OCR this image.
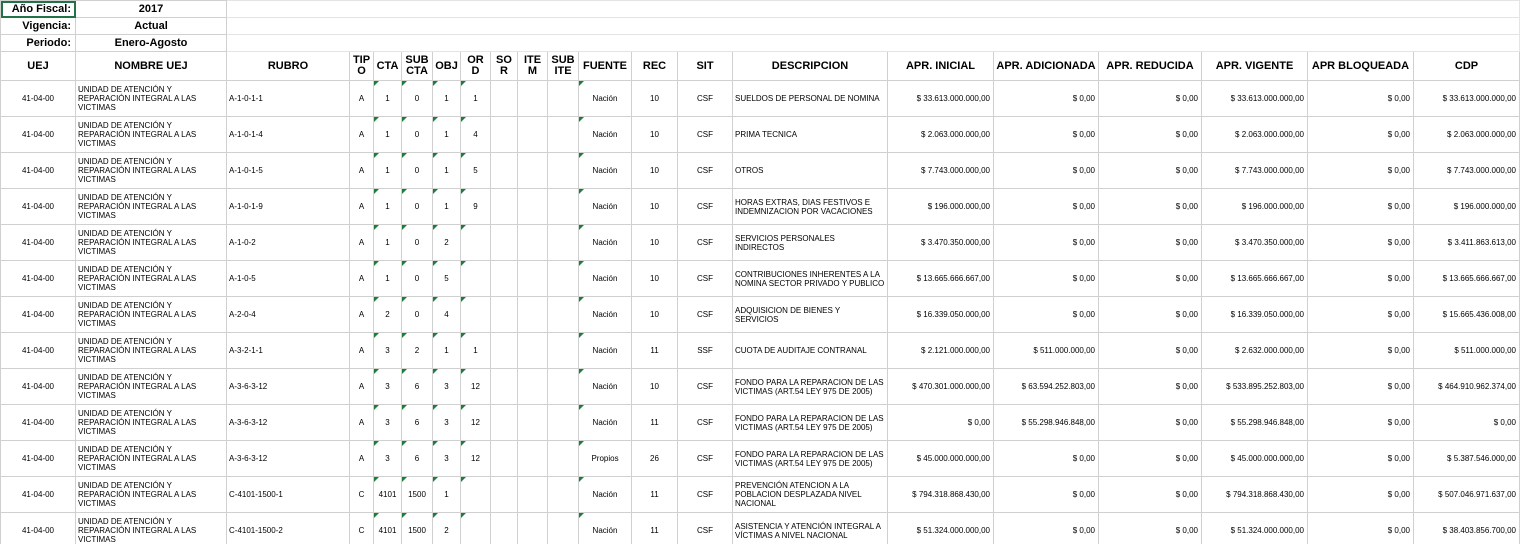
Año Fiscal:	2017																			
Vigencia:	Actual																			
Periodo:	Enero-Agosto																			
UEJ	NOMBRE UEJ	RUBRO	TIP O	CTA	SUB CTA	OBJ	OR D	SO R	ITE M	SUB ITE	FUENTE	REC	SIT	DESCRIPCION	APR. INICIAL	APR. ADICIONADA	APR. REDUCIDA	APR. VIGENTE	APR BLOQUEADA	CDP
41-04-00	UNIDAD DE ATENCIÓN Y REPARACIÓN INTEGRAL A LAS VICTIMAS	A-1-0-1-1	A	1	0	1	1				Nación	10	CSF	SUELDOS DE PERSONAL DE NOMINA	$ 33.613.000.000,00	$ 0,00	$ 0,00	$ 33.613.000.000,00	$ 0,00	$ 33.613.000.000,00
41-04-00	UNIDAD DE ATENCIÓN Y REPARACIÓN INTEGRAL A LAS VICTIMAS	A-1-0-1-4	A	1	0	1	4				Nación	10	CSF	PRIMA TECNICA	$ 2.063.000.000,00	$ 0,00	$ 0,00	$ 2.063.000.000,00	$ 0,00	$ 2.063.000.000,00
41-04-00	UNIDAD DE ATENCIÓN Y REPARACIÓN INTEGRAL A LAS VICTIMAS	A-1-0-1-5	A	1	0	1	5				Nación	10	CSF	OTROS	$ 7.743.000.000,00	$ 0,00	$ 0,00	$ 7.743.000.000,00	$ 0,00	$ 7.743.000.000,00
41-04-00	UNIDAD DE ATENCIÓN Y REPARACIÓN INTEGRAL A LAS VICTIMAS	A-1-0-1-9	A	1	0	1	9				Nación	10	CSF	HORAS EXTRAS, DIAS FESTIVOS E INDEMNIZACION POR VACACIONES	$ 196.000.000,00	$ 0,00	$ 0,00	$ 196.000.000,00	$ 0,00	$ 196.000.000,00
41-04-00	UNIDAD DE ATENCIÓN Y REPARACIÓN INTEGRAL A LAS VICTIMAS	A-1-0-2	A	1	0	2					Nación	10	CSF	SERVICIOS PERSONALES INDIRECTOS	$ 3.470.350.000,00	$ 0,00	$ 0,00	$ 3.470.350.000,00	$ 0,00	$ 3.411.863.613,00
41-04-00	UNIDAD DE ATENCIÓN Y REPARACIÓN INTEGRAL A LAS VICTIMAS	A-1-0-5	A	1	0	5					Nación	10	CSF	CONTRIBUCIONES INHERENTES A LA NOMINA SECTOR PRIVADO Y PUBLICO	$ 13.665.666.667,00	$ 0,00	$ 0,00	$ 13.665.666.667,00	$ 0,00	$ 13.665.666.667,00
41-04-00	UNIDAD DE ATENCIÓN Y REPARACIÓN INTEGRAL A LAS VICTIMAS	A-2-0-4	A	2	0	4					Nación	10	CSF	ADQUISICION DE BIENES Y SERVICIOS	$ 16.339.050.000,00	$ 0,00	$ 0,00	$ 16.339.050.000,00	$ 0,00	$ 15.665.436.008,00
41-04-00	UNIDAD DE ATENCIÓN Y REPARACIÓN INTEGRAL A LAS VICTIMAS	A-3-2-1-1	A	3	2	1	1				Nación	11	SSF	CUOTA DE AUDITAJE CONTRANAL	$ 2.121.000.000,00	$ 511.000.000,00	$ 0,00	$ 2.632.000.000,00	$ 0,00	$ 511.000.000,00
41-04-00	UNIDAD DE ATENCIÓN Y REPARACIÓN INTEGRAL A LAS VICTIMAS	A-3-6-3-12	A	3	6	3	12				Nación	10	CSF	FONDO PARA LA REPARACION DE LAS VICTIMAS (ART.54 LEY 975 DE 2005)	$ 470.301.000.000,00	$ 63.594.252.803,00	$ 0,00	$ 533.895.252.803,00	$ 0,00	$ 464.910.962.374,00
41-04-00	UNIDAD DE ATENCIÓN Y REPARACIÓN INTEGRAL A LAS VICTIMAS	A-3-6-3-12	A	3	6	3	12				Nación	11	CSF	FONDO PARA LA REPARACION DE LAS VICTIMAS (ART.54 LEY 975 DE 2005)	$ 0,00	$ 55.298.946.848,00	$ 0,00	$ 55.298.946.848,00	$ 0,00	$ 0,00
41-04-00	UNIDAD DE ATENCIÓN Y REPARACIÓN INTEGRAL A LAS VICTIMAS	A-3-6-3-12	A	3	6	3	12				Propios	26	CSF	FONDO PARA LA REPARACION DE LAS VICTIMAS (ART.54 LEY 975 DE 2005)	$ 45.000.000.000,00	$ 0,00	$ 0,00	$ 45.000.000.000,00	$ 0,00	$ 5.387.546.000,00
41-04-00	UNIDAD DE ATENCIÓN Y REPARACIÓN INTEGRAL A LAS VICTIMAS	C-4101-1500-1	C	4101	1500	1					Nación	11	CSF	PREVENCIÓN ATENCION A LA POBLACION DESPLAZADA NIVEL NACIONAL	$ 794.318.868.430,00	$ 0,00	$ 0,00	$ 794.318.868.430,00	$ 0,00	$ 507.046.971.637,00
41-04-00	UNIDAD DE ATENCIÓN Y REPARACIÓN INTEGRAL A LAS VICTIMAS	C-4101-1500-2	C	4101	1500	2					Nación	11	CSF	ASISTENCIA Y ATENCIÓN INTEGRAL A VÍCTIMAS A NIVEL NACIONAL	$ 51.324.000.000,00	$ 0,00	$ 0,00	$ 51.324.000.000,00	$ 0,00	$ 38.403.856.700,00
